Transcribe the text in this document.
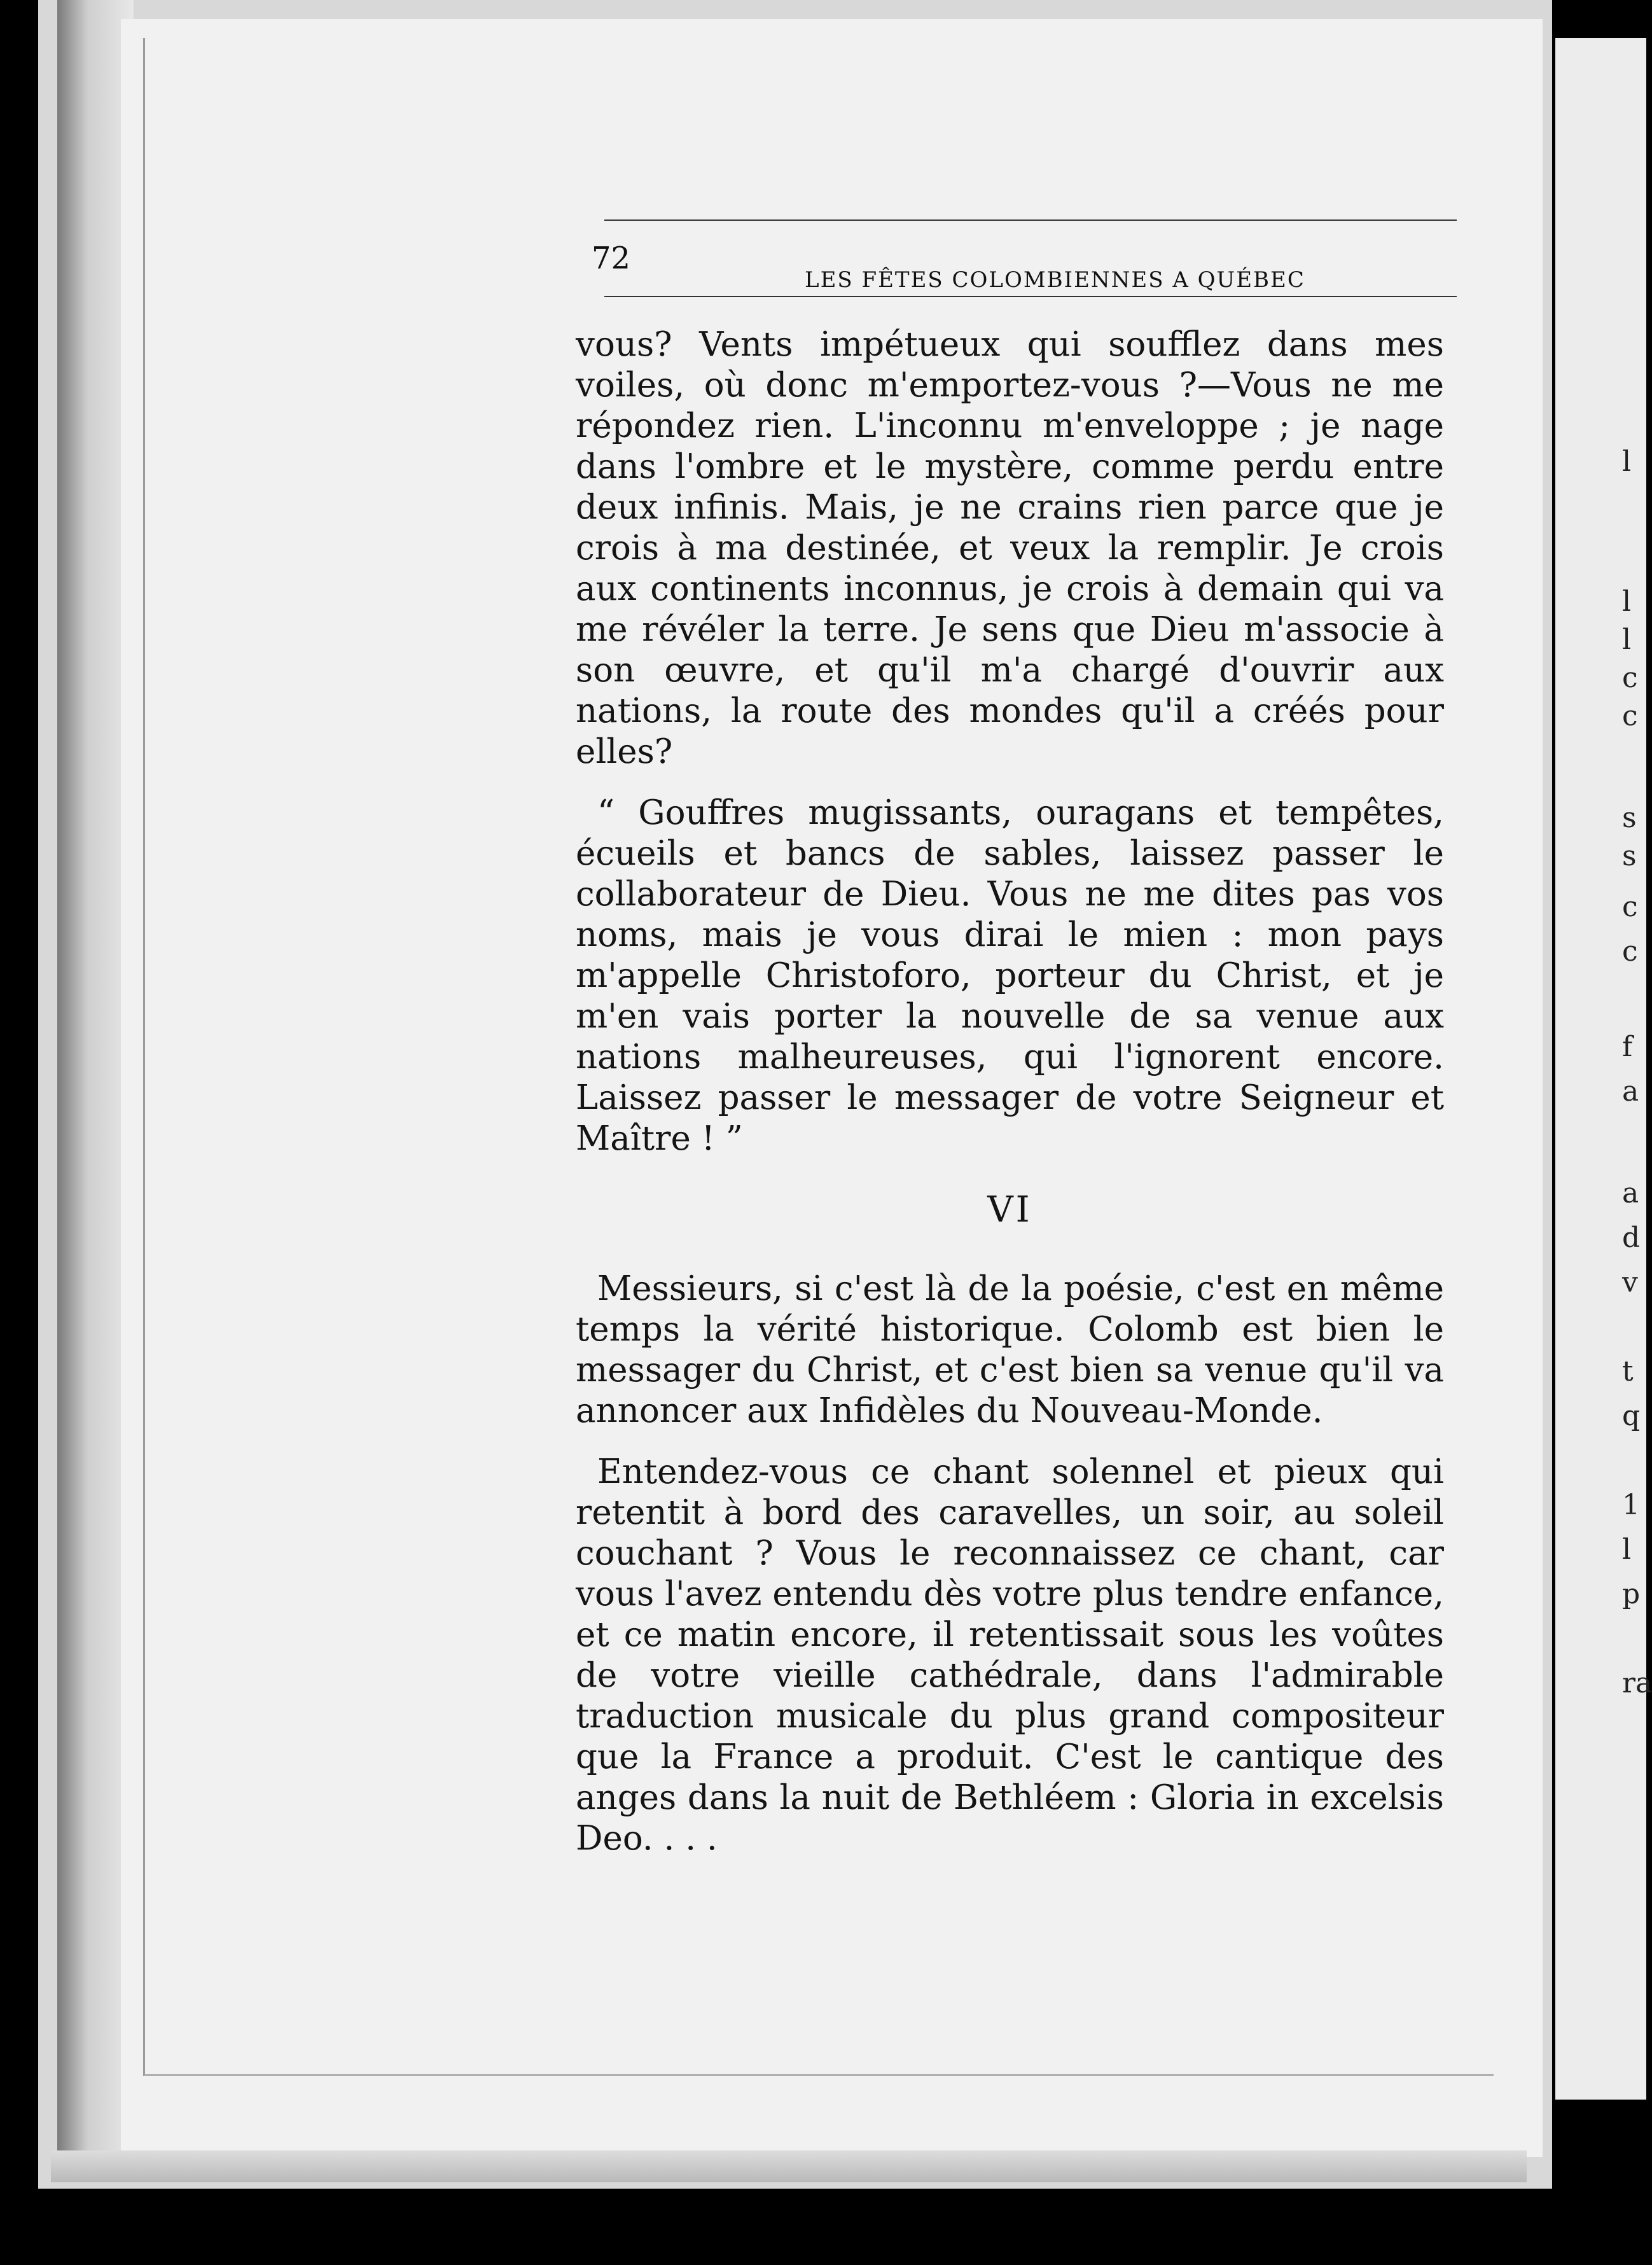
l
l
l
c
c
s
s
c
c
f
a
a
d
v
t
q
1
l
p
ra
72
LES FÊTES COLOMBIENNES A QUÉBEC

vous? Vents impétueux qui soufflez dans mes voiles, où donc m'emportez-vous ?—Vous ne me répondez rien. L'inconnu m'enveloppe ; je nage dans l'ombre et le mystère, comme perdu entre deux infinis. Mais, je ne crains rien parce que je crois à ma destinée, et veux la remplir. Je crois aux continents inconnus, je crois à demain qui va me révéler la terre. Je sens que Dieu m'associe à son œuvre, et qu'il m'a chargé d'ouvrir aux nations, la route des mondes qu'il a créés pour elles?

“ Gouffres mugissants, ouragans et tempêtes, écueils et bancs de sables, laissez passer le collaborateur de Dieu. Vous ne me dites pas vos noms, mais je vous dirai le mien : mon pays m'appelle Christoforo, porteur du Christ, et je m'en vais porter la nouvelle de sa venue aux nations malheureuses, qui l'ignorent encore. Laissez passer le messager de votre Seigneur et Maître ! ”

VI

Messieurs, si c'est là de la poésie, c'est en même temps la vérité historique. Colomb est bien le messager du Christ, et c'est bien sa venue qu'il va annoncer aux Infidèles du Nouveau-Monde.

Entendez-vous ce chant solennel et pieux qui retentit à bord des caravelles, un soir, au soleil couchant ? Vous le reconnaissez ce chant, car vous l'avez entendu dès votre plus tendre enfance, et ce matin encore, il retentissait sous les voûtes de votre vieille cathédrale, dans l'admirable traduction musicale du plus grand compositeur que la France a produit. C'est le cantique des anges dans la nuit de Bethléem : Gloria in excelsis Deo. . . .
